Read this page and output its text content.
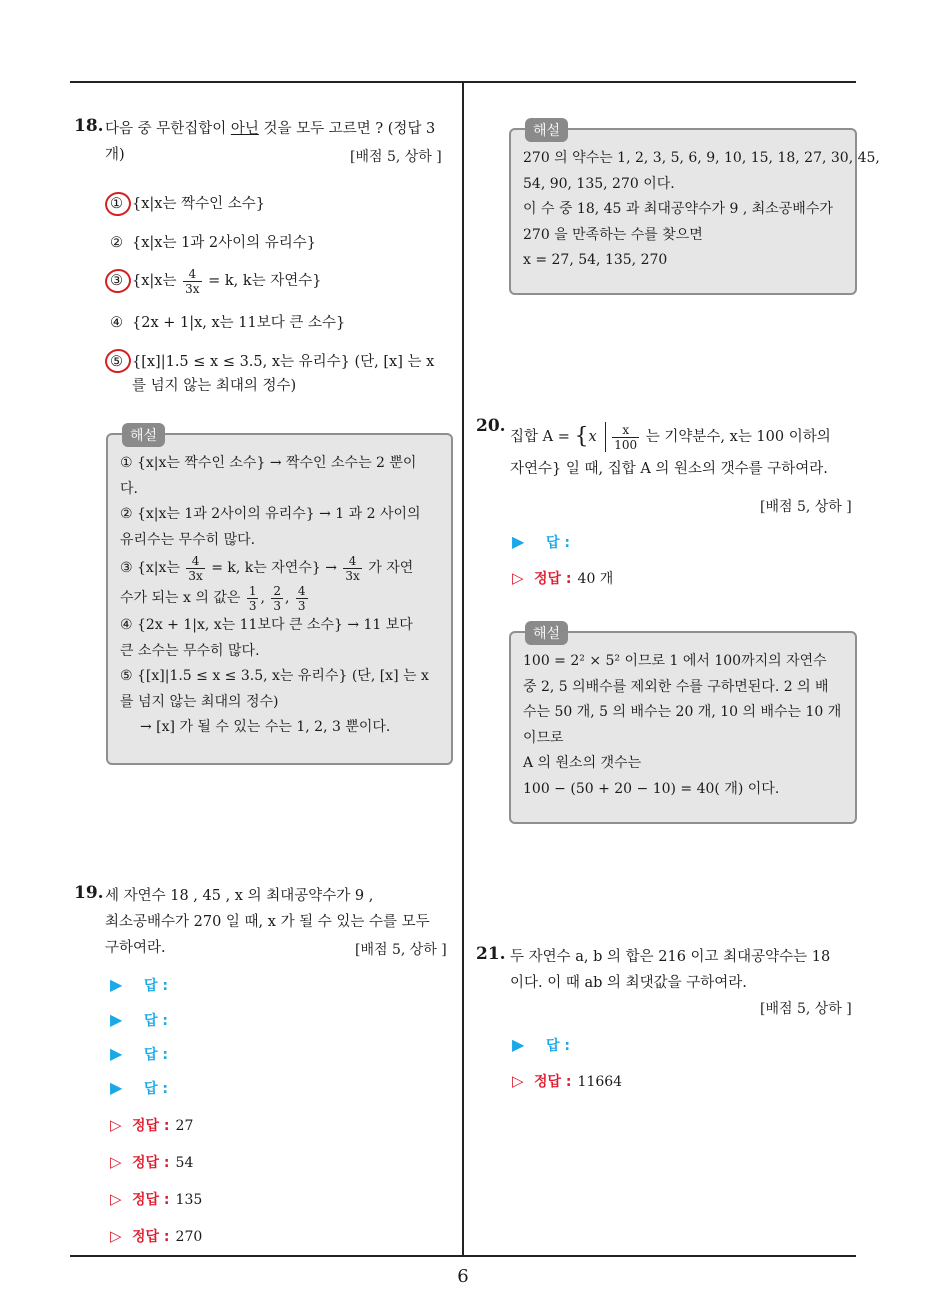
6
18. 다음 중 무한집합이 아닌 것을 모두 고르면 ? (정답 3
개)	[배점 5, 상하 ]
① {x|x는 짝수인 소수}
② {x|x는 1과 2사이의 유리수}
③ {x|x는 $\frac{4}{3x} = k$, k는 자연수}
④ {2x + 1|x, x는 11보다 큰 소수}
⑤ {[x]|1.5 ≤ x ≤ 3.5, x는 유리수} (단, [x] 는 x
를 넘지 않는 최대의 정수)
해설
① {x|x는 짝수인 소수} → 짝수인 소수는 2 뿐이
다.
② {x|x는 1과 2사이의 유리수} → 1 과 2 사이의
유리수는 무수히 많다.
③ {x|x는 $\frac{4}{3x} = k$, k는 자연수} → $\frac{4}{3x}$ 가 자연
수가 되는 x 의 값은 $\frac{1}{3}$ , $\frac{2}{3}$ , $\frac{4}{3}$
④ {2x + 1|x, x는 11보다 큰 소수} → 11 보다
큰 소수는 무수히 많다.
⑤ {[x]|1.5 ≤ x ≤ 3.5, x는 유리수} (단, [x] 는 x
를 넘지 않는 최대의 정수)
→ [x] 가 될 수 있는 수는 1, 2, 3 뿐이다.
19. 세 자연수 18 , 45 , x 의 최대공약수가 9 ,
최소공배수가 270 일 때, x 가 될 수 있는 수를 모두
구하여라.	[배점 5, 상하 ]
▶ 답 :
▶ 답 :
▶ 답 :
▶ 답 :
▷ 정답 : 27
▷ 정답 : 54
▷ 정답 : 135
▷ 정답 : 270
해설
270 의 약수는 1, 2, 3, 5, 6, 9, 10, 15, 18, 27, 30, 45,
54, 90, 135, 270 이다.
이 수 중 18, 45 과 최대공약수가 9 , 최소공배수가
270 을 만족하는 수를 찾으면
x = 27, 54, 135, 270
20.
집합 $A = \{x \frac{x}{100}$ 는 기약분수, x는 100 이하의
자연수} 일 때, 집합 A 의 원소의 갯수를 구하여라.
[배점 5, 상하 ]
▶ 답 :
▷ 정답 : 40 개
해설
100 = 2² × 5² 이므로 1 에서 100까지의 자연수
중 2, 5 의배수를 제외한 수를 구하면된다. 2 의 배
수는 50 개, 5 의 배수는 20 개, 10 의 배수는 10 개
이므로
A 의 원소의 갯수는
100 − (50 + 20 − 10) = 40( 개) 이다.
21. 두 자연수 a, b 의 합은 216 이고 최대공약수는 18
이다. 이 때 ab 의 최댓값을 구하여라.
[배점 5, 상하 ]
▶ 답 :
▷ 정답 : 11664
